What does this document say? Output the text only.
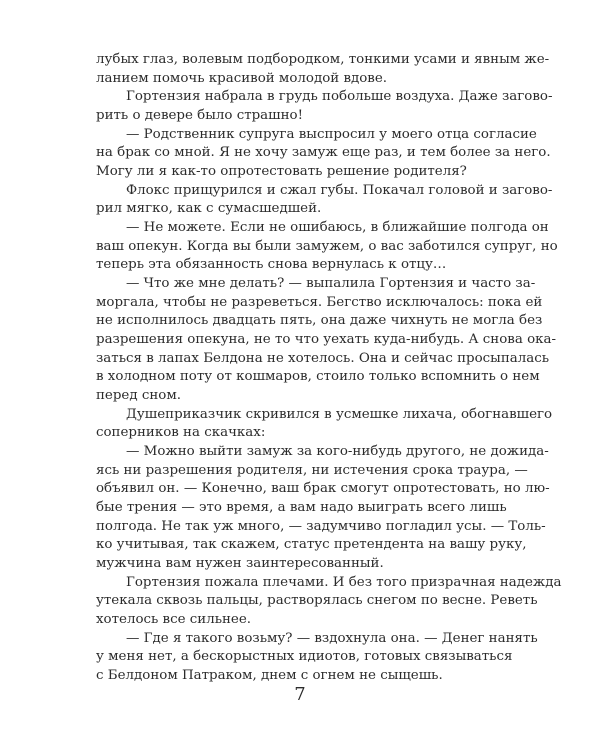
лубых глаз, волевым подбородком, тонкими усами и явным же-
ланием помочь красивой молодой вдове.
Гортензия набрала в грудь побольше воздуха. Даже загово-
рить о девере было страшно!
— Родственник супруга выспросил у моего отца согласие
на брак со мной. Я не хочу замуж еще раз, и тем более за него.
Могу ли я как-то опротестовать решение родителя?
Флокс прищурился и сжал губы. Покачал головой и загово-
рил мягко, как с сумасшедшей.
— Не можете. Если не ошибаюсь, в ближайшие полгода он
ваш опекун. Когда вы были замужем, о вас заботился супруг, но
теперь эта обязанность снова вернулась к отцу…
— Что же мне делать? — выпалила Гортензия и часто за-
моргала, чтобы не разреветься. Бегство исключалось: пока ей
не исполнилось двадцать пять, она даже чихнуть не могла без
разрешения опекуна, не то что уехать куда-нибудь. А снова ока-
заться в лапах Белдона не хотелось. Она и сейчас просыпалась
в холодном поту от кошмаров, стоило только вспомнить о нем
перед сном.
Душеприказчик скривился в усмешке лихача, обогнавшего
соперников на скачках:
— Можно выйти замуж за кого-нибудь другого, не дожида-
ясь ни разрешения родителя, ни истечения срока траура, —
объявил он. — Конечно, ваш брак смогут опротестовать, но лю-
бые трения — это время, а вам надо выиграть всего лишь
полгода. Не так уж много, — задумчиво погладил усы. — Толь-
ко учитывая, так скажем, статус претендента на вашу руку,
мужчина вам нужен заинтересованный.
Гортензия пожала плечами. И без того призрачная надежда
утекала сквозь пальцы, растворялась снегом по весне. Реветь
хотелось все сильнее.
— Где я такого возьму? — вздохнула она. — Денег нанять
у меня нет, а бескорыстных идиотов, готовых связываться
с Белдоном Патраком, днем с огнем не сыщешь.
7
